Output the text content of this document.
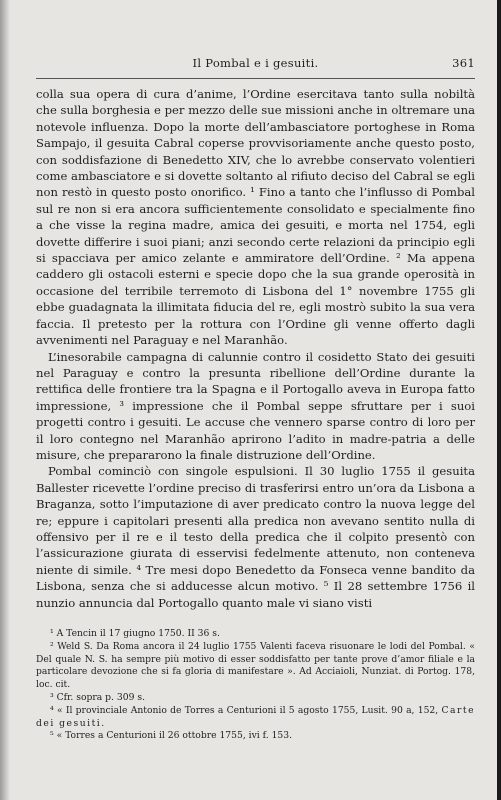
Il Pombal e i gesuiti.	361

colla sua opera di cura d’anime, l’Ordine esercitava tanto sulla nobiltà che sulla borghesia e per mezzo delle sue missioni anche in oltremare una notevole influenza. Dopo la morte dell’ambasciatore portoghese in Roma Sampajo, il gesuita Cabral coperse provvisoriamente anche questo posto, con soddisfazione di Benedetto XIV, che lo avrebbe conservato volentieri come ambasciatore e si dovette soltanto al rifiuto deciso del Cabral se egli non restò in questo posto onorifico. ¹ Fino a tanto che l’influsso di Pombal sul re non si era ancora sufficientemente consolidato e specialmente fino a che visse la regina madre, amica dei gesuiti, e morta nel 1754, egli dovette differire i suoi piani; anzi secondo certe relazioni da principio egli si spacciava per amico zelante e ammiratore dell’Ordine. ² Ma appena caddero gli ostacoli esterni e specie dopo che la sua grande operosità in occasione del terribile terremoto di Lisbona del 1° novembre 1755 gli ebbe guadagnata la illimitata fiducia del re, egli mostrò subito la sua vera faccia. Il pretesto per la rottura con l’Ordine gli venne offerto dagli avvenimenti nel Paraguay e nel Maranhão.

L’inesorabile campagna di calunnie contro il cosidetto Stato dei gesuiti nel Paraguay e contro la presunta ribellione dell’Ordine durante la rettifica delle frontiere tra la Spagna e il Portogallo aveva in Europa fatto impressione, ³ impressione che il Pombal seppe sfruttare per i suoi progetti contro i gesuiti. Le accuse che vennero sparse contro di loro per il loro contegno nel Maranhão aprirono l’adito in madre-patria a delle misure, che prepararono la finale distruzione dell’Ordine.

Pombal cominciò con singole espulsioni. Il 30 luglio 1755 il gesuita Ballester ricevette l’ordine preciso di trasferirsi entro un’ora da Lisbona a Braganza, sotto l’imputazione di aver predicato contro la nuova legge del re; eppure i capitolari presenti alla predica non avevano sentito nulla di offensivo per il re e il testo della predica che il colpito presentò con l’assicurazione giurata di esservisi fedelmente attenuto, non conteneva niente di simile. ⁴ Tre mesi dopo Benedetto da Fonseca venne bandito da Lisbona, senza che si adducesse alcun motivo. ⁵ Il 28 settembre 1756 il nunzio annuncia dal Portogallo quanto male vi siano visti

¹ A Tencin il 17 giugno 1750. II 36 s.
² Weld S. Da Roma ancora il 24 luglio 1755 Valenti faceva risuonare le lodi del Pombal. « Del quale N. S. ha sempre più motivo di esser soddisfatto per tante prove d’amor filiale e la particolare devozione che si fa gloria di manifestare ». Ad Acciaioli, Nunziat. di Portog. 178, loc. cit.
³ Cfr. sopra p. 309 s.
⁴ « Il provinciale Antonio de Torres a Centurioni il 5 agosto 1755, Lusit. 90 a, 152, Carte dei gesuiti.
⁵ « Torres a Centurioni il 26 ottobre 1755, ivi f. 153.
